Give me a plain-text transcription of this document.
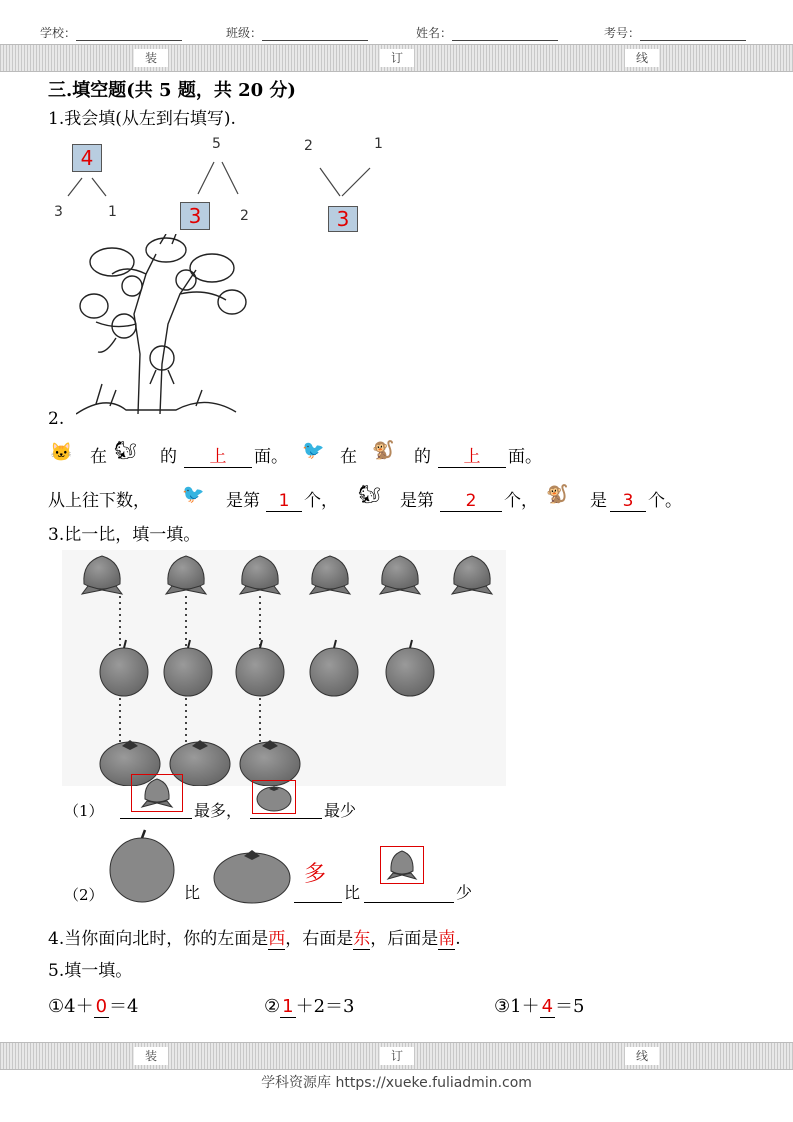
学校：	班级：	姓名：	考号：
装	订	线
三.填空题(共 5 题，共 20 分)
1.我会填(从左到右填写).
4
3	1
5
3	2
2	1
3
2.
🐱 在 🐿 的	上	面。 🐦 在 🐒 的	上	面。
从上往下数， 🐦 是第	1 个， 🐿 是第	2	个， 🐒 是 3 个。
3.比一比，填一填。
（1）	最多，	最少
（2）	比
多
比	少
4.当你面向北时，你的左面是西，右面是东，后面是南.
5.填一填。
①4＋ 0 ＝4	② 1 ＋2＝3	③1＋ 4 ＝5
装	订	线
学科资源库 https://xueke.fuliadmin.com
